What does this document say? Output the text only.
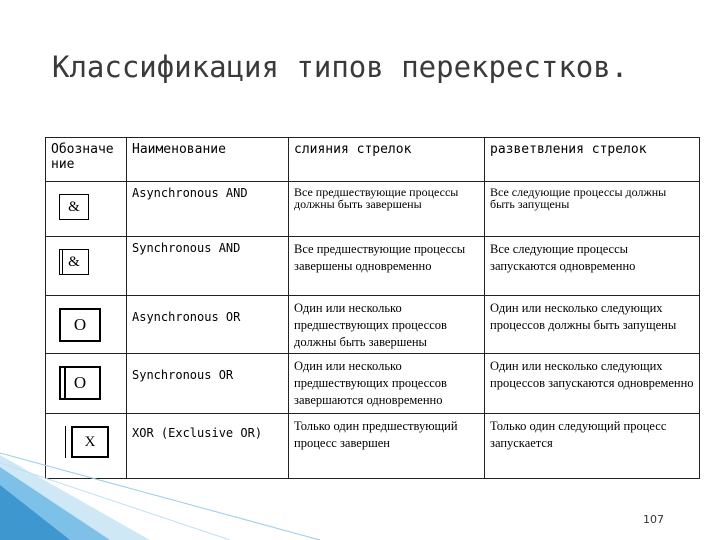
Классификация типов перекрестков.
Обозначение	Наименование	слияния стрелок	разветвления стрелок

&	Asynchronous AND	Все предшествующие процессы должны быть завершены	Все следующие процессы должны быть запущены

&	Synchronous AND	Все предшествующие процессы завершены одновременно	Все следующие процессы запускаются одновременно

O	Asynchronous OR	Один или несколько предшествующих процессов должны быть завершены	Один или несколько следующих процессов должны быть запущены

O	Synchronous OR	Один или несколько предшествующих процессов завершаются одновременно	Один или несколько следующих процессов запускаются одновременно

X	XOR (Exclusive OR)	Только один предшествующий процесс завершен	Только один следующий процесс запускается
107
